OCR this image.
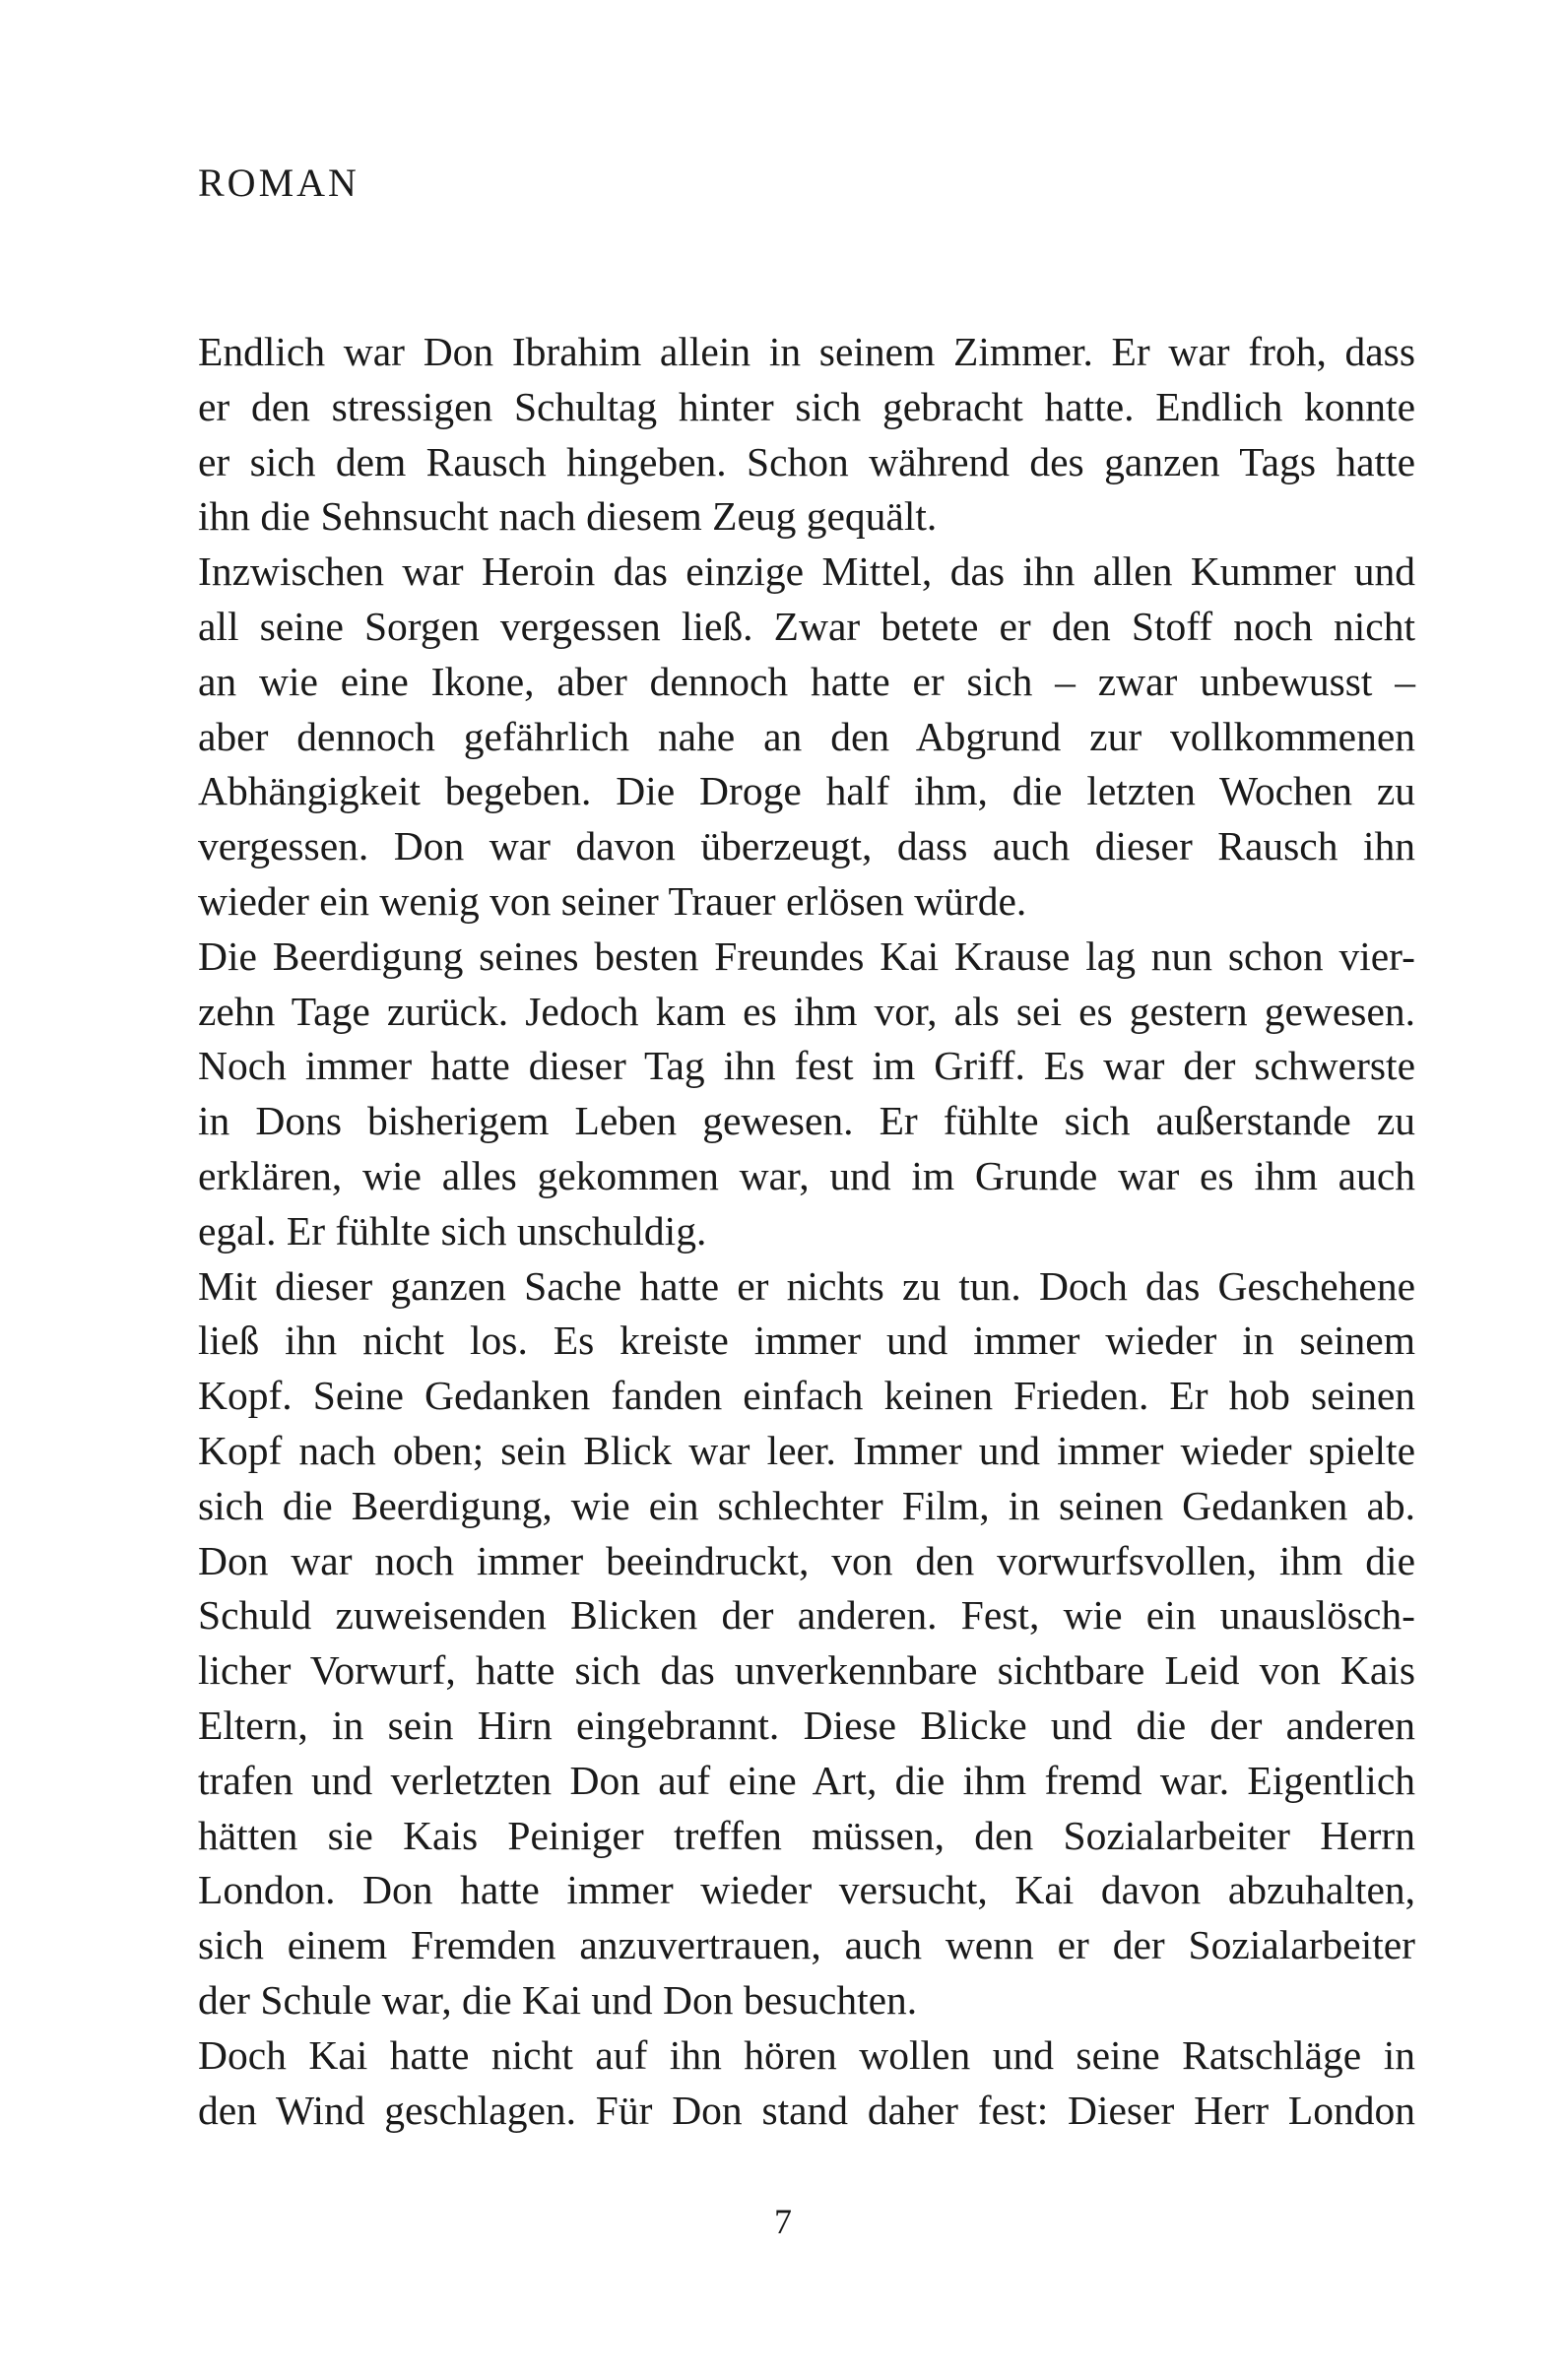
ROMAN
Endlich war Don Ibrahim allein in seinem Zimmer. Er war froh, dass
er den stressigen Schultag hinter sich gebracht hatte. Endlich konnte
er sich dem Rausch hingeben. Schon während des ganzen Tags hatte
ihn die Sehnsucht nach diesem Zeug gequält.
Inzwischen war Heroin das einzige Mittel, das ihn allen Kummer und
all seine Sorgen vergessen ließ. Zwar betete er den Stoff noch nicht
an wie eine Ikone, aber dennoch hatte er sich – zwar unbewusst –
aber dennoch gefährlich nahe an den Abgrund zur vollkommenen
Abhängigkeit begeben. Die Droge half ihm, die letzten Wochen zu
vergessen. Don war davon überzeugt, dass auch dieser Rausch ihn
wieder ein wenig von seiner Trauer erlösen würde.
Die Beerdigung seines besten Freundes Kai Krause lag nun schon vier-
zehn Tage zurück. Jedoch kam es ihm vor, als sei es gestern gewesen.
Noch immer hatte dieser Tag ihn fest im Griff. Es war der schwerste
in Dons bisherigem Leben gewesen. Er fühlte sich außerstande zu
erklären, wie alles gekommen war, und im Grunde war es ihm auch
egal. Er fühlte sich unschuldig.
Mit dieser ganzen Sache hatte er nichts zu tun. Doch das Geschehene
ließ ihn nicht los. Es kreiste immer und immer wieder in seinem
Kopf. Seine Gedanken fanden einfach keinen Frieden. Er hob seinen
Kopf nach oben; sein Blick war leer. Immer und immer wieder spielte
sich die Beerdigung, wie ein schlechter Film, in seinen Gedanken ab.
Don war noch immer beeindruckt, von den vorwurfsvollen, ihm die
Schuld zuweisenden Blicken der anderen. Fest, wie ein unauslösch-
licher Vorwurf, hatte sich das unverkennbare sichtbare Leid von Kais
Eltern, in sein Hirn eingebrannt. Diese Blicke und die der anderen
trafen und verletzten Don auf eine Art, die ihm fremd war. Eigentlich
hätten sie Kais Peiniger treffen müssen, den Sozialarbeiter Herrn
London. Don hatte immer wieder versucht, Kai davon abzuhalten,
sich einem Fremden anzuvertrauen, auch wenn er der Sozialarbeiter
der Schule war, die Kai und Don besuchten.
Doch Kai hatte nicht auf ihn hören wollen und seine Ratschläge in
den Wind geschlagen. Für Don stand daher fest: Dieser Herr London
7
